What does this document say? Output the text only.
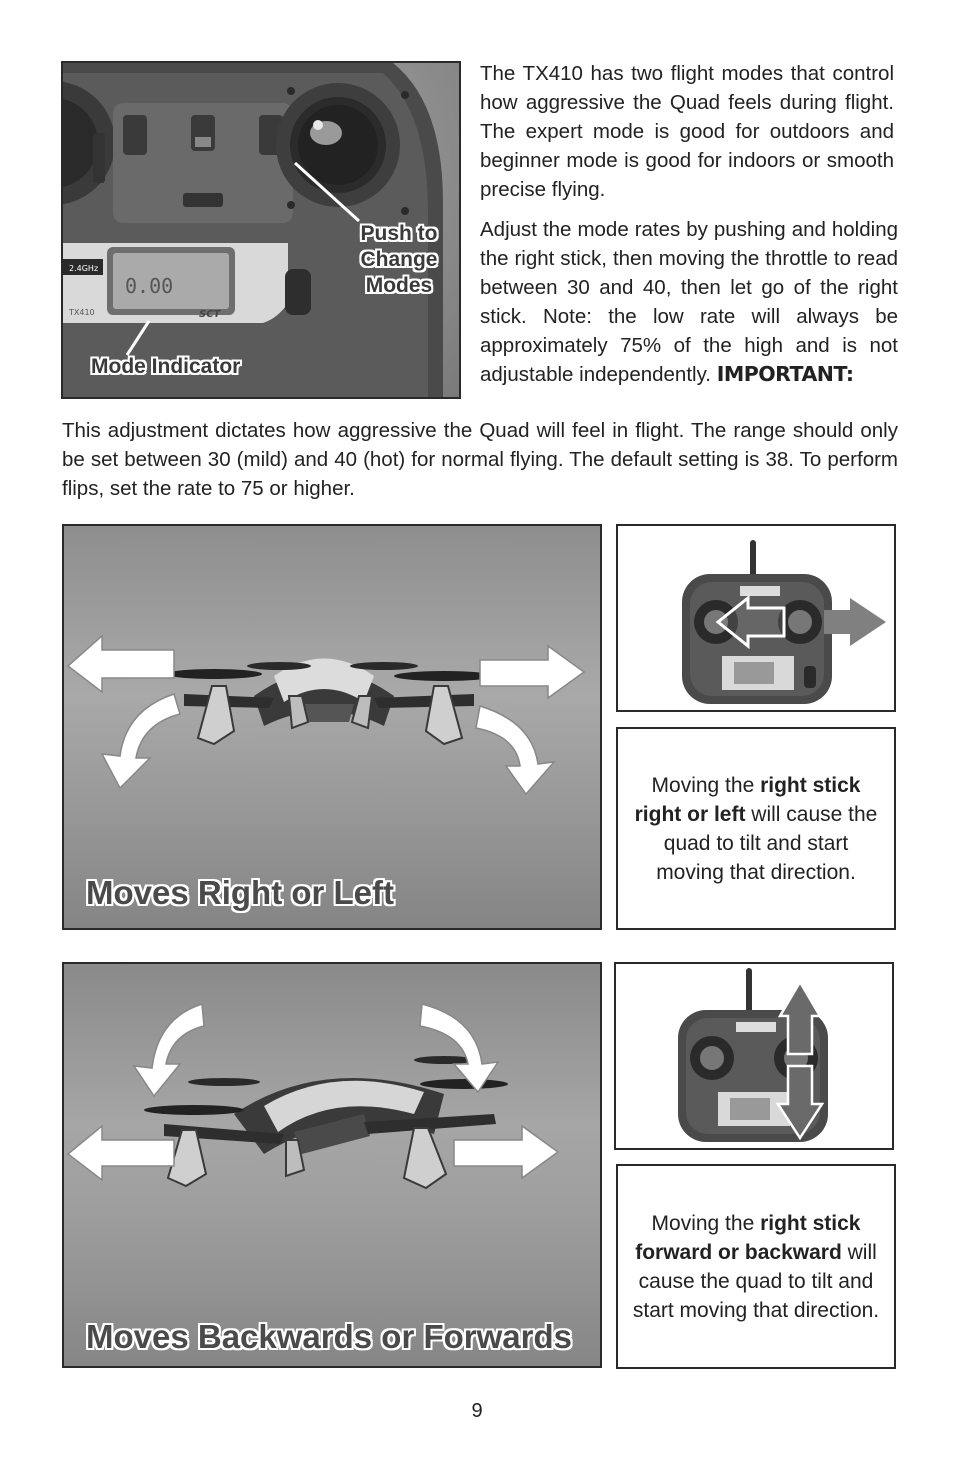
2.4GHz
TX410
0.00
SCT
Push to Change Modes
Mode Indicator

The TX410 has two flight modes that control how aggressive the Quad feels during flight. The expert mode is good for outdoors and beginner mode is good for indoors or smooth precise flying.

Adjust the mode rates by pushing and holding the right stick, then moving the throttle to read between 30 and 40, then let go of the right stick. Note: the low rate will always be approximately 75% of the high and is not adjustable independently. IMPORTANT:

This adjustment dictates how aggressive the Quad will feel in flight. The range should only be set between 30 (mild) and 40 (hot) for normal flying. The default setting is 38. To perform flips, set the rate to 75 or higher.

Moves Right or Left

Moving the right stick right or left will cause the quad to tilt and start moving that direction.

Moves Backwards or Forwards

Moving the right stick forward or backward will cause the quad to tilt and start moving that direction.

9
